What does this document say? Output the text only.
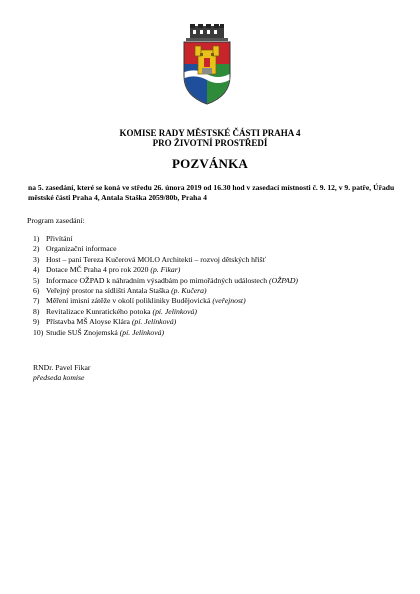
KOMISE RADY MĚSTSKÉ ČÁSTI PRAHA 4
PRO ŽIVOTNÍ PROSTŘEDÍ
POZVÁNKA
na 5. zasedání, které se koná ve středu 26. února 2019 od 16.30 hod v zasedací místnosti č. 9. 12, v 9. patře, Úřadu městské části Praha 4, Antala Staška 2059/80b, Praha 4
Program zasedání:
1) Přivítání
2) Organizační informace
3) Host – paní Tereza Kučerová MOLO Architekti – rozvoj dětských hřišť
4) Dotace MČ Praha 4 pro rok 2020 (p. Fikar)
5) Informace OŽPAD k náhradním výsadbám po mimořádných událostech (OŽPAD)
6) Veřejný prostor na sídlišti Antala Staška (p. Kučera)
7) Měření imisní zátěže v okolí polikliniky Budějovická (veřejnost)
8) Revitalizace Kunratického potoka (pí. Jelínková)
9) Přístavba MŠ Aloyse Klára (pí. Jelínková)
10) Studie SUŠ Znojemská (pí. Jelínková)
RNDr. Pavel Fikar
předseda komise
